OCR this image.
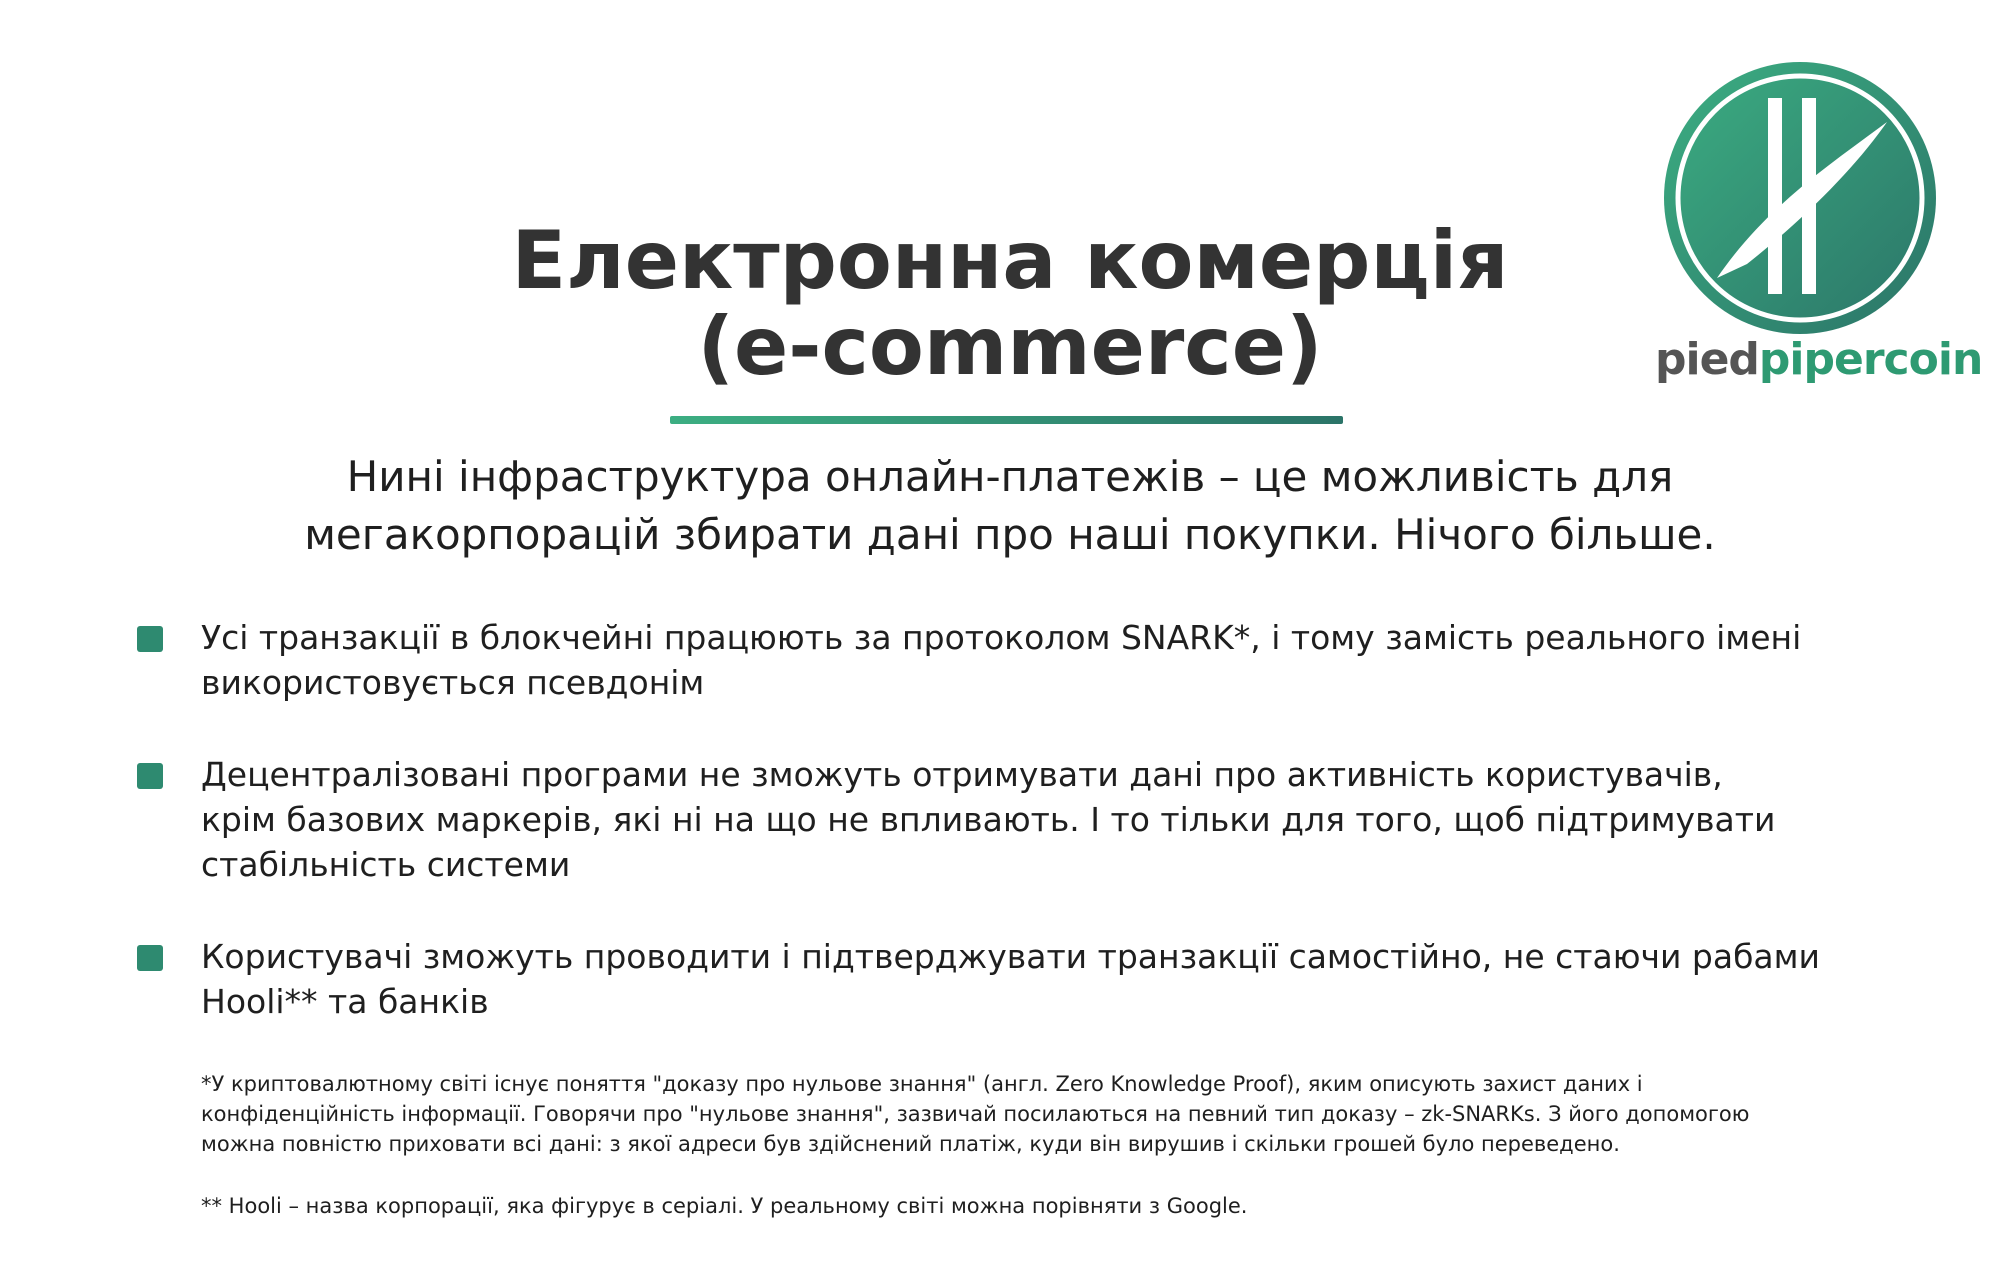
piedpipercoin
Електронна комерція
(e-commerce)
Нині інфраструктура онлайн-платежів – це можливість для
мегакорпорацій збирати дані про наші покупки. Нічого більше.
Усі транзакції в блокчейні працюють за протоколом SNARK*, і тому замість реального імені
використовується псевдонім
Децентралізовані програми не зможуть отримувати дані про активність користувачів,
крім базових маркерів, які ні на що не впливають. І то тільки для того, щоб підтримувати
стабільність системи
Користувачі зможуть проводити і підтверджувати транзакції самостійно, не стаючи рабами
Hooli** та банків
*У криптовалютному світі існує поняття "доказу про нульове знання" (англ. Zero Knowledge Proof), яким описують захист даних і
конфіденційність інформації. Говорячи про "нульове знання", зазвичай посилаються на певний тип доказу – zk-SNARKs. З його допомогою
можна повністю приховати всі дані: з якої адреси був здійснений платіж, куди він вирушив і скільки грошей було переведено.
** Hooli – назва корпорації, яка фігурує в серіалі. У реальному світі можна порівняти з Google.
